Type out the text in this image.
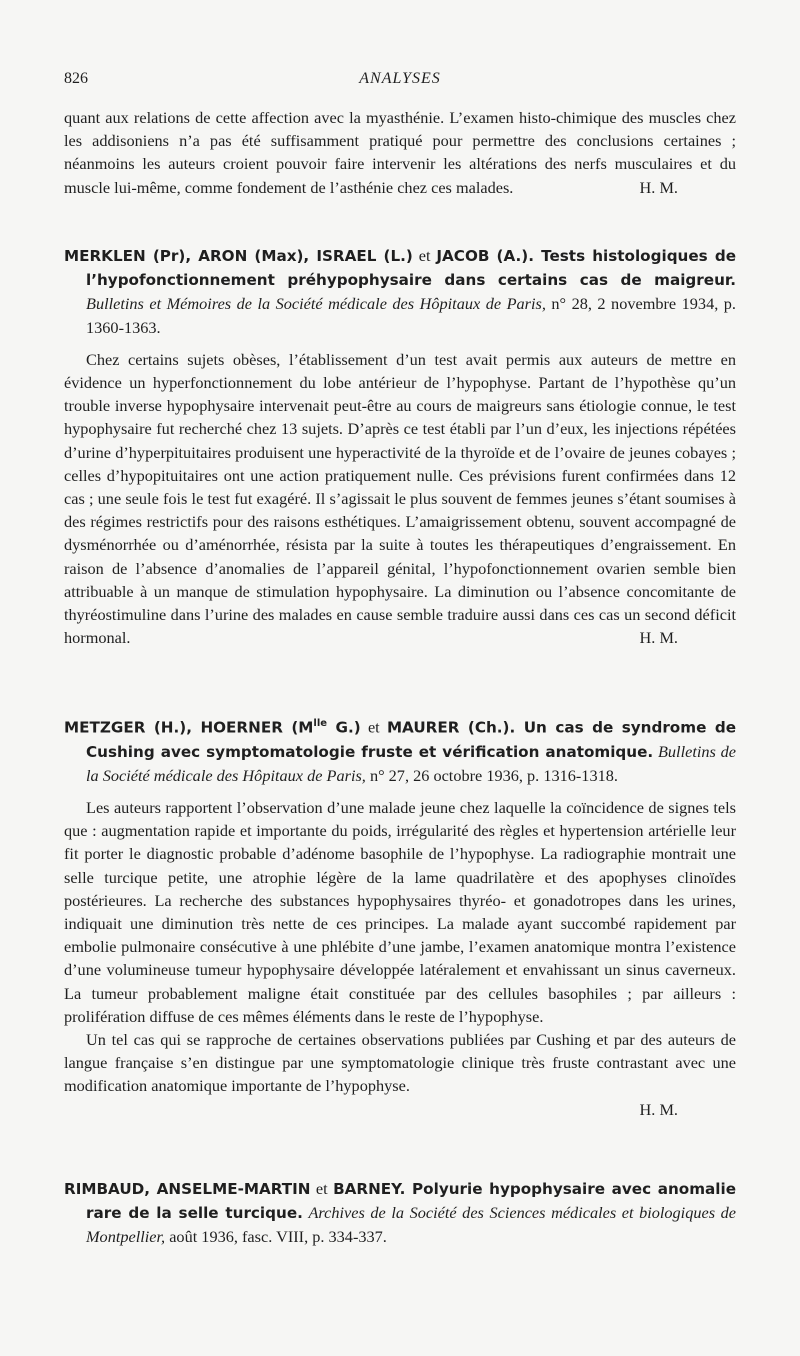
826	ANALYSES

quant aux relations de cette affection avec la myasthénie. L’examen histo-chimique des muscles chez les addisoniens n’a pas été suffisamment pratiqué pour permettre des conclusions certaines ; néanmoins les auteurs croient pouvoir faire intervenir les altérations des nerfs musculaires et du muscle lui-même, comme fondement de l’asthénie chez ces malades.	H. M.

MERKLEN (Pr), ARON (Max), ISRAEL (L.) et JACOB (A.). Tests histologiques de l’hypofonctionnement préhypophysaire dans certains cas de maigreur. Bulletins et Mémoires de la Société médicale des Hôpitaux de Paris, n° 28, 2 novembre 1934, p. 1360-1363.

Chez certains sujets obèses, l’établissement d’un test avait permis aux auteurs de mettre en évidence un hyperfonctionnement du lobe antérieur de l’hypophyse. Partant de l’hypothèse qu’un trouble inverse hypophysaire intervenait peut-être au cours de maigreurs sans étiologie connue, le test hypophysaire fut recherché chez 13 sujets. D’après ce test établi par l’un d’eux, les injections répétées d’urine d’hyperpituitaires produisent une hyperactivité de la thyroïde et de l’ovaire de jeunes cobayes ; celles d’hypopituitaires ont une action pratiquement nulle. Ces prévisions furent confirmées dans 12 cas ; une seule fois le test fut exagéré. Il s’agissait le plus souvent de femmes jeunes s’étant soumises à des régimes restrictifs pour des raisons esthétiques. L’amaigrissement obtenu, souvent accompagné de dysménorrhée ou d’aménorrhée, résista par la suite à toutes les thérapeutiques d’engraissement. En raison de l’absence d’anomalies de l’appareil génital, l’hypofonctionnement ovarien semble bien attribuable à un manque de stimulation hypophysaire. La diminution ou l’absence concomitante de thyréostimuline dans l’urine des malades en cause semble traduire aussi dans ces cas un second déficit hormonal.	H. M.

METZGER (H.), HOERNER ($M^{lle}$ G.) et MAURER (Ch.). Un cas de syndrome de Cushing avec symptomatologie fruste et vérification anatomique. Bulletins de la Société médicale des Hôpitaux de Paris, n° 27, 26 octobre 1936, p. 1316-1318.

Les auteurs rapportent l’observation d’une malade jeune chez laquelle la coïncidence de signes tels que : augmentation rapide et importante du poids, irrégularité des règles et hypertension artérielle leur fit porter le diagnostic probable d’adénome basophile de l’hypophyse. La radiographie montrait une selle turcique petite, une atrophie légère de la lame quadrilatère et des apophyses clinoïdes postérieures. La recherche des substances hypophysaires thyréo- et gonadotropes dans les urines, indiquait une diminution très nette de ces principes. La malade ayant succombé rapidement par embolie pulmonaire consécutive à une phlébite d’une jambe, l’examen anatomique montra l’existence d’une volumineuse tumeur hypophysaire développée latéralement et envahissant un sinus caverneux. La tumeur probablement maligne était constituée par des cellules basophiles ; par ailleurs : prolifération diffuse de ces mêmes éléments dans le reste de l’hypophyse.

Un tel cas qui se rapproche de certaines observations publiées par Cushing et par des auteurs de langue française s’en distingue par une symptomatologie clinique très fruste contrastant avec une modification anatomique importante de l’hypophyse.

H. M.

RIMBAUD, ANSELME-MARTIN et BARNEY. Polyurie hypophysaire avec anomalie rare de la selle turcique. Archives de la Société des Sciences médicales et biologiques de Montpellier, août 1936, fasc. VIII, p. 334-337.
